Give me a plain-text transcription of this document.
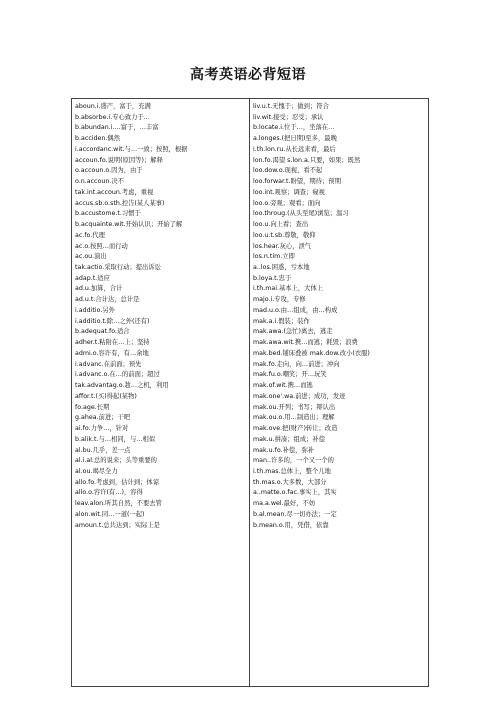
高考英语必背短语
aboun.i.盛产，富于，充满
b.absorbe.i.专心致力于…
b.abundan.i.…富于，…丰富
b.acciden.偶然
i.accordanc.wit.与…一致；按照，根据
accoun.fo.说明(原因等)；解释
o.accoun.o.因为，由于
o.n.accoun.决不
tak.int.accoun.考虑，重视
accus.sb.o.sth.控告(某人某事)
b.accustome.t.习惯于
b.acquainte.wit.开始认识；开始了解
ac.fo.代理
ac.o.按照…而行动
ac.ou.演出
tak.actio.采取行动；提出诉讼
adap.t.适应
ad.u.加算，合计
ad.u.t.合计达，总计是
i.additio.另外
i.additio.t.除…之外(还有)
b.adequat.fo.适合
adher.t.粘附在…上；坚持
admi.o.容许有，有…余地
i.advanc.在前面；预先
i.advanc.o.在…的前面；超过
tak.advantag.o.趁…之机，利用
affor.t.(买)得起(某物)
fo.age.长期
g.ahea.前进；干吧
ai.fo.力争…，针对
b.alik.t.与…相同，与…相似
al.bu.几乎，差一点
al.i.al.总的说来；头等重要的
al.ou.竭尽全力
allo.fo.考虑到，估计到；体谅
allo.o.容许(有…)，容得
leav.alon.听其自然，不要去管
alon.wit.同…一道(一起)
amoun.t.总共达到；实际上是
liv.u.t.无愧于；做到；符合
liv.wit.接受；忍受；承认
b.locate.i.位于…，坐落在…
a.longes.(把日期)至多，最晚
i.th.lon.ru.从长远来看，最后
lon.fo.渴望 s.lon.a.只要，如果；既然
loo.dow.o.现视，看不起
loo.forwar.t.盼望，期待；预期
loo.int.观察；调查；窥视
loo.o.旁观；观看；面向
loo.throug.(从头至尾)浏览；温习
loo.u.向上看；查出
loo.u.t.sb.尊敬，敬仰
los.hear.灰心，泄气
los.n.tim.立即
a..los.困惑，亏本地
b.loya.t.忠于
i.th.mai.基本上，大体上
majo.i.专攻，专修
mad.u.o.由…组成，由…构成
mak.a.i.假装；装作
mak.awa.(急忙)离去，逃走
mak.awa.wit.携…而逃；耗毁；浪费
mak.bed.铺床叠被 mak.dow.改小(衣服)
mak.fo.走向，向…前进；冲向
mak.fu.o.嘲笑；开…玩笑
mak.of.wit.携…而逃
mak.one'.wa.前进；成功，发迹
mak.ou.开列；书写；辩认出
mak.ou.o.用…制造出；理解
mak.ove.把(财产)转让；改造
mak.u.拼凑；组成；补偿
mak.u.fo.补偿，弥补
man..许多的，一个又一个的
i.th.mas.总体上，整个儿地
th.mas.o.大多数，大部分
a..matte.o.fac.事实上，其实
ma.a.wel.最好，不妨
b.al.mean.尽一切办法；一定
b.mean.o.用，凭借，依靠
